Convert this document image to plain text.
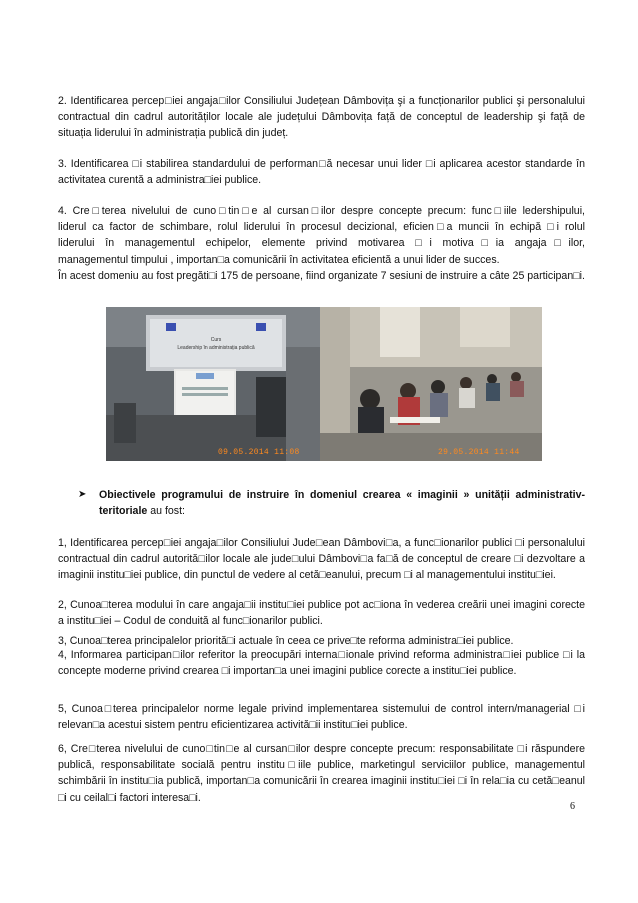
2. Identificarea percep□iei angaja□ilor Consiliului Județean Dâmbovița şi a funcționarilor publici şi personalului contractual din cadrul autorităților locale ale județului Dâmbovița față de conceptul de leadership şi față de situația liderului în administrația publică din județ.

3. Identificarea □i stabilirea standardului de performan□ă necesar unui lider □i aplicarea acestor standarde în activitatea curentă a administra□iei publice.

4. Cre□terea nivelului de cuno□tin□e al cursan□ilor despre concepte precum: func□iile ledershipului,

liderul ca factor de schimbare, rolul liderului în procesul decizional, eficien□a muncii în echipă □i rolul

liderului în managementul echipelor, elemente privind motivarea □i motiva□ia angaja□ilor,

managementul timpului , importan□a comunicării în activitatea eficientă a unui lider de succes.

În acest domeniu au fost pregăti□i 175 de persoane, fiind organizate 7 sesiuni de instruire a câte 25 participan□i.

Curs
Leadership în administrația publică
09.05.2014 11:08	29.05.2014 11:44
➤ Obiectivele programului de instruire în domeniul crearea « imaginii » unității administrativ-teritoriale au fost:

1, Identificarea percep□iei angaja□ilor Consiliului Jude□ean Dâmbovi□a, a func□ionarilor publici □i personalului contractual din cadrul autorită□ilor locale ale jude□ului Dâmbovi□a fa□ă de conceptul de creare □i dezvoltare a imaginii institu□iei publice, din punctul de vedere al cetă□eanului, precum □i al managementului institu□iei.

2, Cunoa□terea modului în care angaja□ii institu□iei publice pot ac□iona în vederea creării unei imagini corecte a institu□iei – Codul de conduită al func□ionarilor publici.

3, Cunoa□terea principalelor priorită□i actuale în ceea ce prive□te reforma administra□iei publice.

4, Informarea participan□ilor referitor la preocupări interna□ionale privind reforma administra□iei publice □i la concepte moderne privind crearea □i importan□a unei imagini publice corecte a institu□iei publice.

5, Cunoa□terea principalelor norme legale privind implementarea sistemului de control intern/managerial □i relevan□a acestui sistem pentru eficientizarea activită□ii institu□iei publice.

6, Cre□terea nivelului de cuno□tin□e al cursan□ilor despre concepte precum: responsabilitate □i răspundere publică, responsabilitate socială pentru institu□iile publice, marketingul serviciilor publice, managementul schimbării în institu□ia publică, importan□a comunicării în crearea imaginii institu□iei □i în rela□ia cu cetă□eanul □i cu ceilal□i factori interesa□i.

6
